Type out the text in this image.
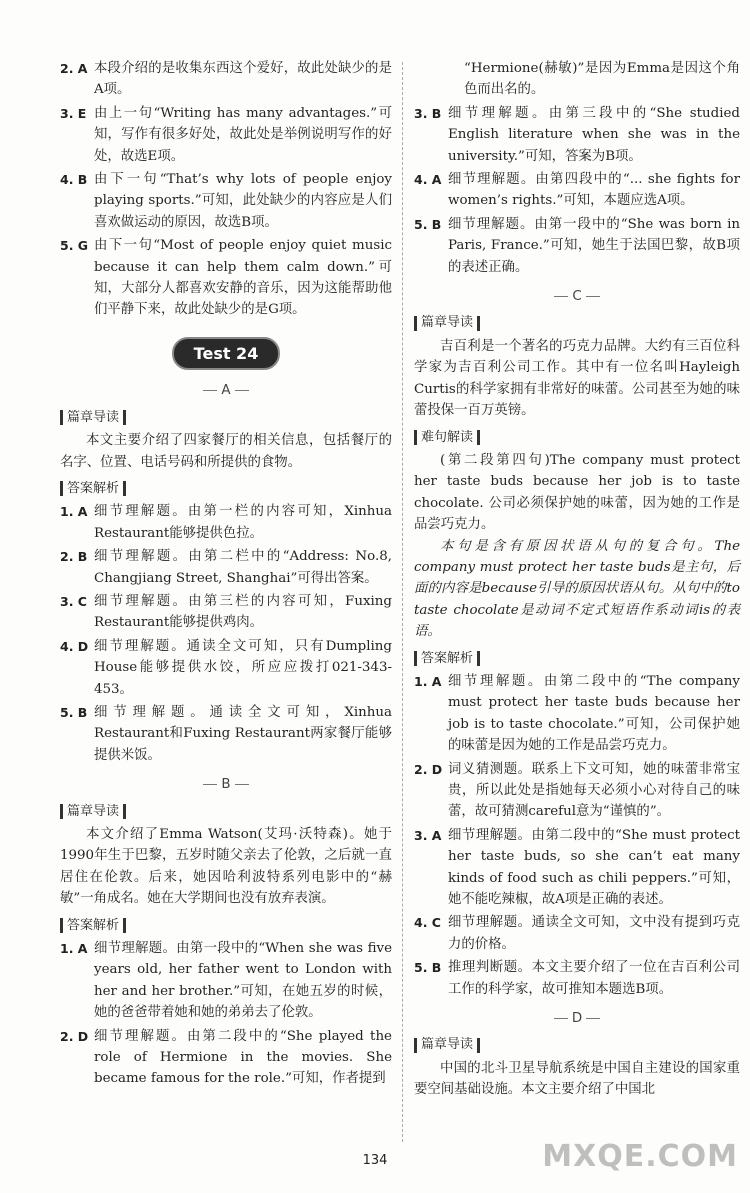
2. A 本段介绍的是收集东西这个爱好，故此处缺少的是A项。
3. E 由上一句“Writing has many advantages.”可知，写作有很多好处，故此处是举例说明写作的好处，故选E项。
4. B 由下一句“That’s why lots of people enjoy playing sports.”可知，此处缺少的内容应是人们喜欢做运动的原因，故选B项。
5. G 由下一句“Most of people enjoy quiet music because it can help them calm down.”可知，大部分人都喜欢安静的音乐，因为这能帮助他们平静下来，故此处缺少的是G项。
Test 24
A
篇章导读
本文主要介绍了四家餐厅的相关信息，包括餐厅的名字、位置、电话号码和所提供的食物。
答案解析
1. A 细节理解题。由第一栏的内容可知，Xinhua Restaurant能够提供色拉。
2. B 细节理解题。由第二栏中的“Address: No.8, Changjiang Street, Shanghai”可得出答案。
3. C 细节理解题。由第三栏的内容可知，Fuxing Restaurant能够提供鸡肉。
4. D 细节理解题。通读全文可知，只有Dumpling House能够提供水饺，所应应拨打021-343-453。
5. B 细节理解题。通读全文可知，Xinhua Restaurant和Fuxing Restaurant两家餐厅能够提供米饭。
B
篇章导读
本文介绍了Emma Watson(艾玛·沃特森)。她于1990年生于巴黎，五岁时随父亲去了伦敦，之后就一直居住在伦敦。后来，她因哈利波特系列电影中的“赫敏”一角成名。她在大学期间也没有放弃表演。
答案解析
1. A 细节理解题。由第一段中的“When she was five years old, her father went to London with her and her brother.”可知，在她五岁的时候，她的爸爸带着她和她的弟弟去了伦敦。
2. D 细节理解题。由第二段中的“She played the role of Hermione in the movies. She became famous for the role.”可知，作者提到
“Hermione(赫敏)”是因为Emma是因这个角色而出名的。
3. B 细节理解题。由第三段中的“She studied English literature when she was in the university.”可知，答案为B项。
4. A 细节理解题。由第四段中的“... she fights for women’s rights.”可知，本题应选A项。
5. B 细节理解题。由第一段中的“She was born in Paris, France.”可知，她生于法国巴黎，故B项的表述正确。
C
篇章导读
吉百利是一个著名的巧克力品牌。大约有三百位科学家为吉百利公司工作。其中有一位名叫Hayleigh Curtis的科学家拥有非常好的味蕾。公司甚至为她的味蕾投保一百万英镑。
难句解读
(第二段第四句)The company must protect her taste buds because her job is to taste chocolate. 公司必须保护她的味蕾，因为她的工作是品尝巧克力。
本句是含有原因状语从句的复合句。The company must protect her taste buds是主句，后面的内容是because引导的原因状语从句。从句中的to taste chocolate是动词不定式短语作系动词is的表语。
答案解析
1. A 细节理解题。由第二段中的“The company must protect her taste buds because her job is to taste chocolate.”可知，公司保护她的味蕾是因为她的工作是品尝巧克力。
2. D 词义猜测题。联系上下文可知，她的味蕾非常宝贵，所以此处是指她每天必须小心对待自己的味蕾，故可猜测careful意为“谨慎的”。
3. A 细节理解题。由第二段中的“She must protect her taste buds, so she can’t eat many kinds of food such as chili peppers.”可知，她不能吃辣椒，故A项是正确的表述。
4. C 细节理解题。通读全文可知，文中没有提到巧克力的价格。
5. B 推理判断题。本文主要介绍了一位在吉百利公司工作的科学家，故可推知本题选B项。
D
篇章导读
中国的北斗卫星导航系统是中国自主建设的国家重要空间基础设施。本文主要介绍了中国北
134	MXQE.COM
